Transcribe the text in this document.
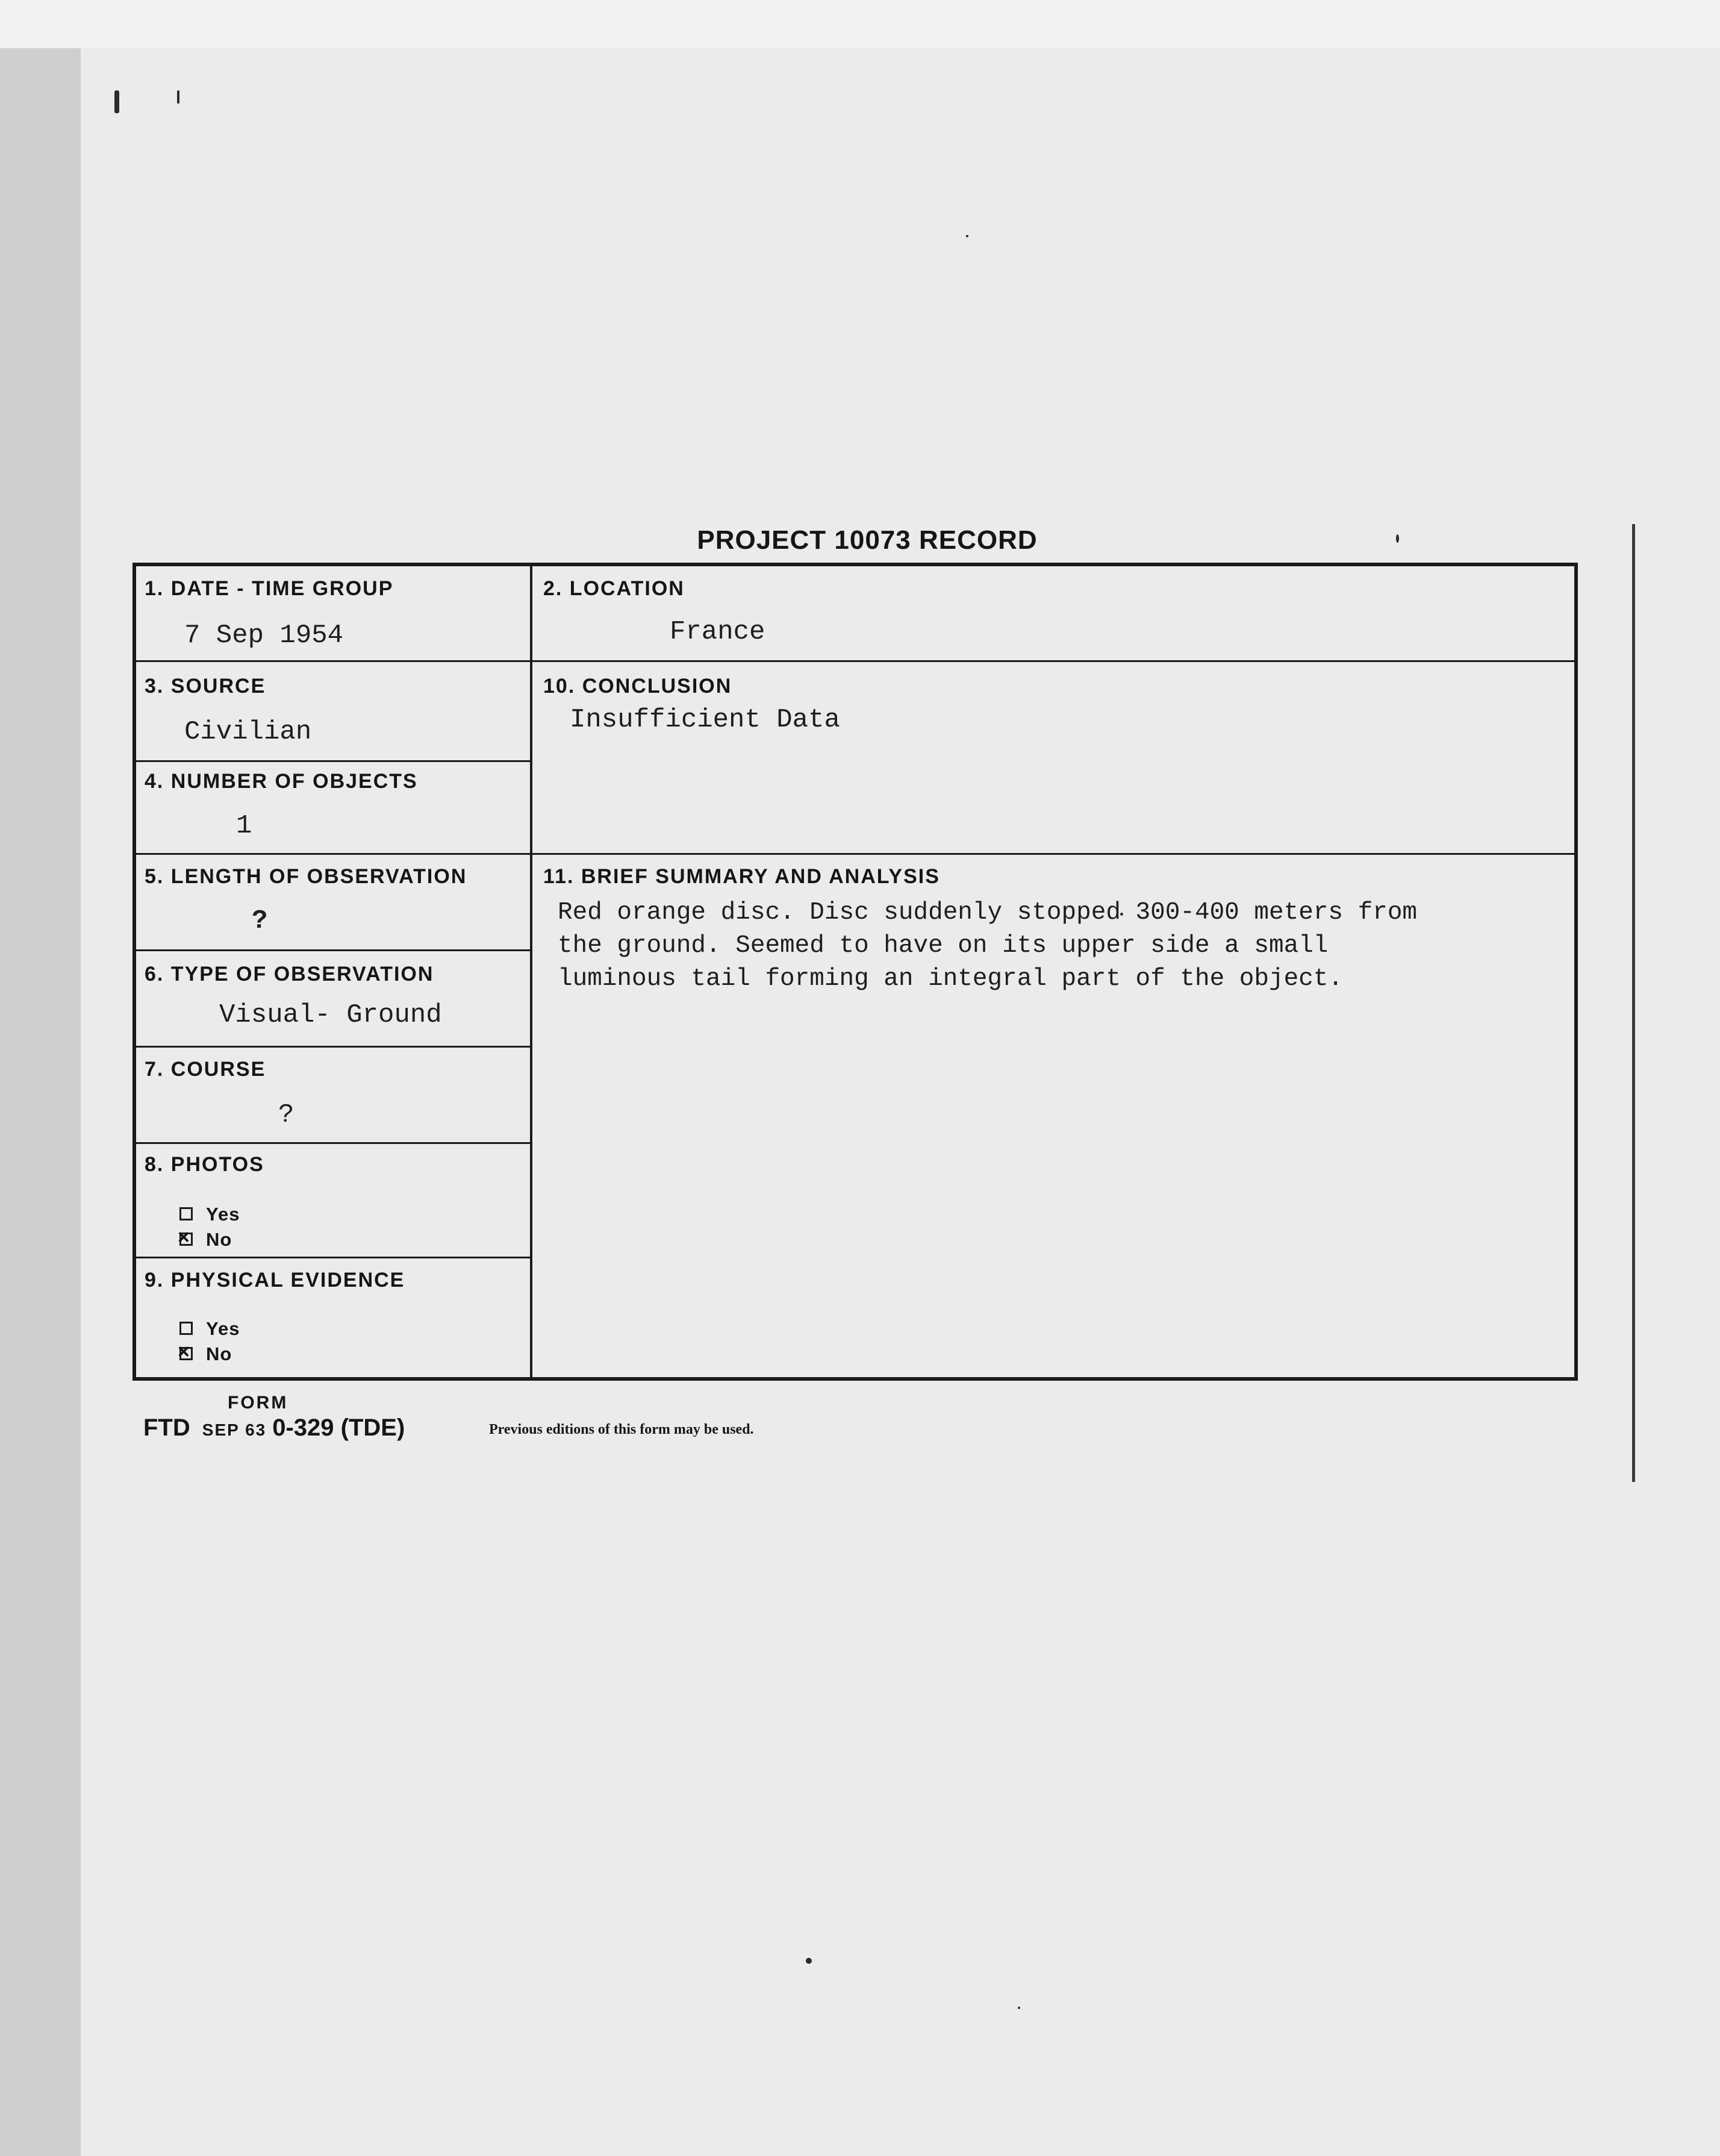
PROJECT 10073 RECORD
1. DATE - TIME GROUP
7 Sep 1954
3. SOURCE
Civilian
4. NUMBER OF OBJECTS
1
5. LENGTH OF OBSERVATION
?
6. TYPE OF OBSERVATION
Visual- Ground
7. COURSE
?
8. PHOTOS
Yes
×No
9. PHYSICAL EVIDENCE
Yes
×No
2. LOCATION
France
10. CONCLUSION
Insufficient Data
11. BRIEF SUMMARY AND ANALYSIS
Red orange disc. Disc suddenly stopped 300-400 meters from
the ground. Seemed to have on its upper side a small
luminous tail forming an integral part of the object.
FORM
FTD SEP 63 0-329 (TDE)	Previous editions of this form may be used.
